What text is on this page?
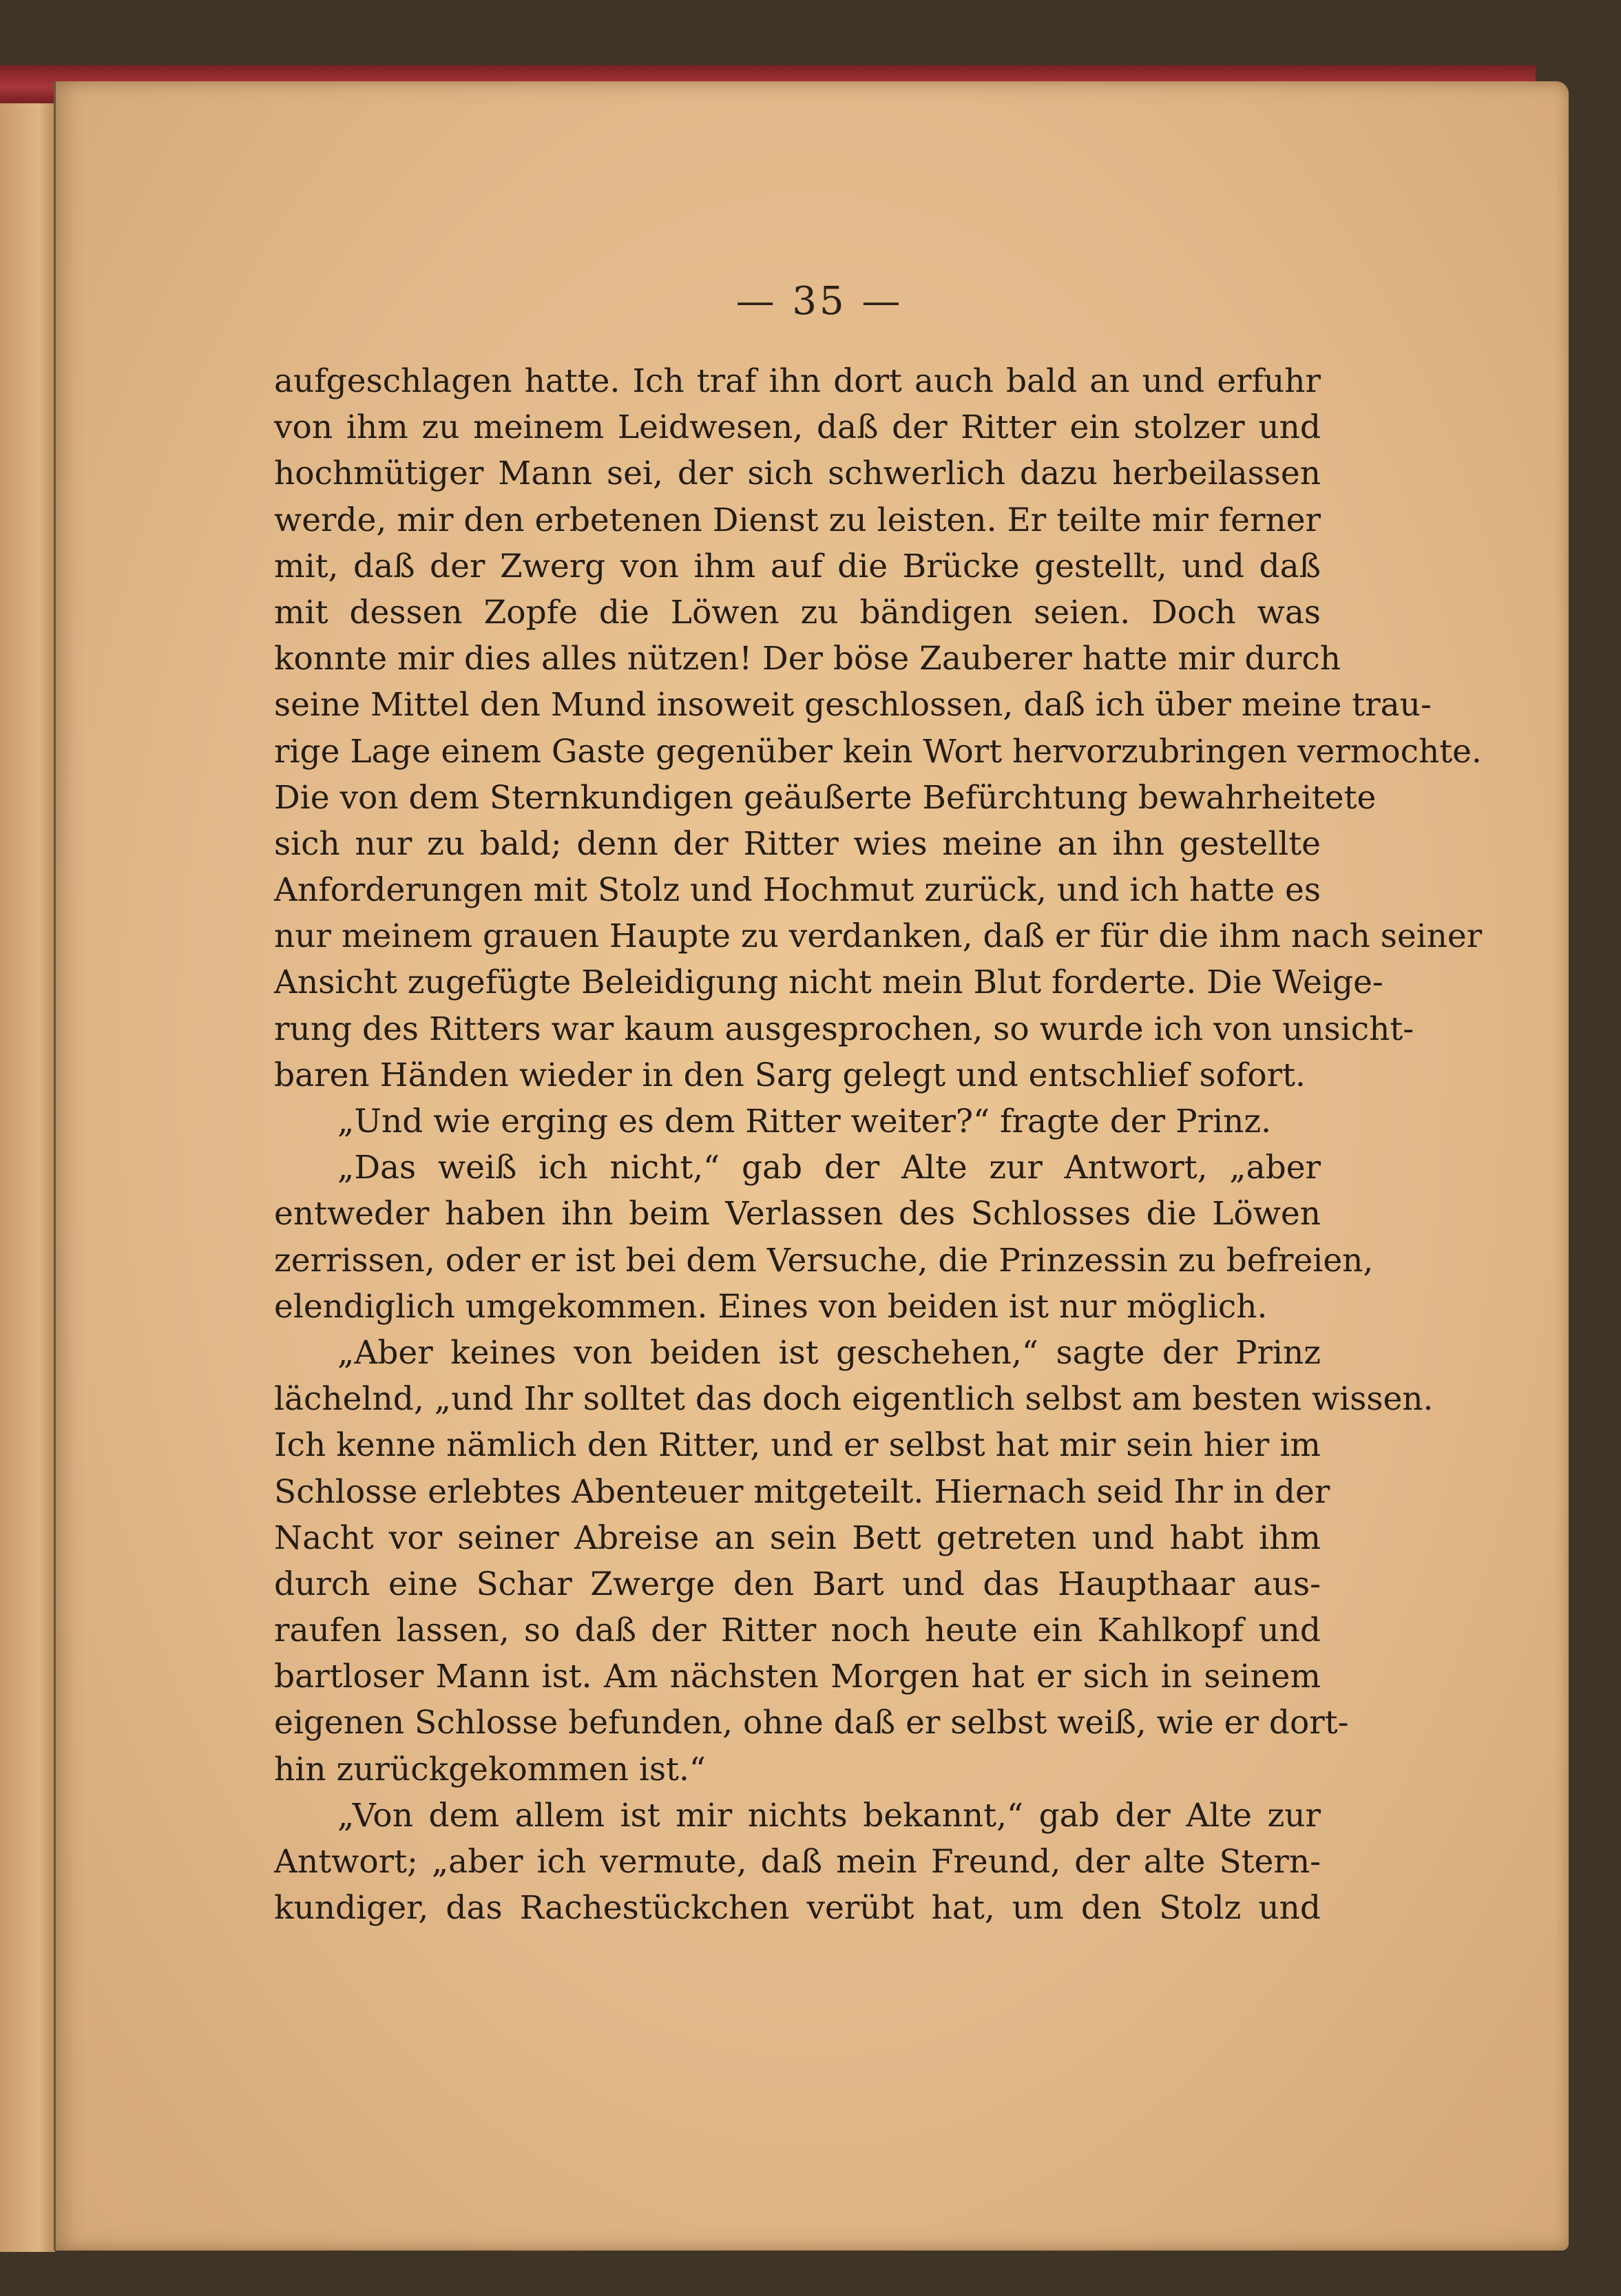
— 35 —
aufgeschlagen hatte. Ich traf ihn dort auch bald an und erfuhr
von ihm zu meinem Leidwesen, daß der Ritter ein stolzer und
hochmütiger Mann sei, der sich schwerlich dazu herbeilassen
werde, mir den erbetenen Dienst zu leisten. Er teilte mir ferner
mit, daß der Zwerg von ihm auf die Brücke gestellt, und daß
mit dessen Zopfe die Löwen zu bändigen seien. Doch was
konnte mir dies alles nützen! Der böse Zauberer hatte mir durch
seine Mittel den Mund insoweit geschlossen, daß ich über meine trau-
rige Lage einem Gaste gegenüber kein Wort hervorzubringen vermochte.
Die von dem Sternkundigen geäußerte Befürchtung bewahrheitete
sich nur zu bald; denn der Ritter wies meine an ihn gestellte
Anforderungen mit Stolz und Hochmut zurück, und ich hatte es
nur meinem grauen Haupte zu verdanken, daß er für die ihm nach seiner
Ansicht zugefügte Beleidigung nicht mein Blut forderte. Die Weige-
rung des Ritters war kaum ausgesprochen, so wurde ich von unsicht-
baren Händen wieder in den Sarg gelegt und entschlief sofort.
„Und wie erging es dem Ritter weiter?“ fragte der Prinz.
„Das weiß ich nicht,“ gab der Alte zur Antwort, „aber
entweder haben ihn beim Verlassen des Schlosses die Löwen
zerrissen, oder er ist bei dem Versuche, die Prinzessin zu befreien,
elendiglich umgekommen. Eines von beiden ist nur möglich.
„Aber keines von beiden ist geschehen,“ sagte der Prinz
lächelnd, „und Ihr solltet das doch eigentlich selbst am besten wissen.
Ich kenne nämlich den Ritter, und er selbst hat mir sein hier im
Schlosse erlebtes Abenteuer mitgeteilt. Hiernach seid Ihr in der
Nacht vor seiner Abreise an sein Bett getreten und habt ihm
durch eine Schar Zwerge den Bart und das Haupthaar aus-
raufen lassen, so daß der Ritter noch heute ein Kahlkopf und
bartloser Mann ist. Am nächsten Morgen hat er sich in seinem
eigenen Schlosse befunden, ohne daß er selbst weiß, wie er dort-
hin zurückgekommen ist.“
„Von dem allem ist mir nichts bekannt,“ gab der Alte zur
Antwort; „aber ich vermute, daß mein Freund, der alte Stern-
kundiger, das Rachestückchen verübt hat, um den Stolz und
